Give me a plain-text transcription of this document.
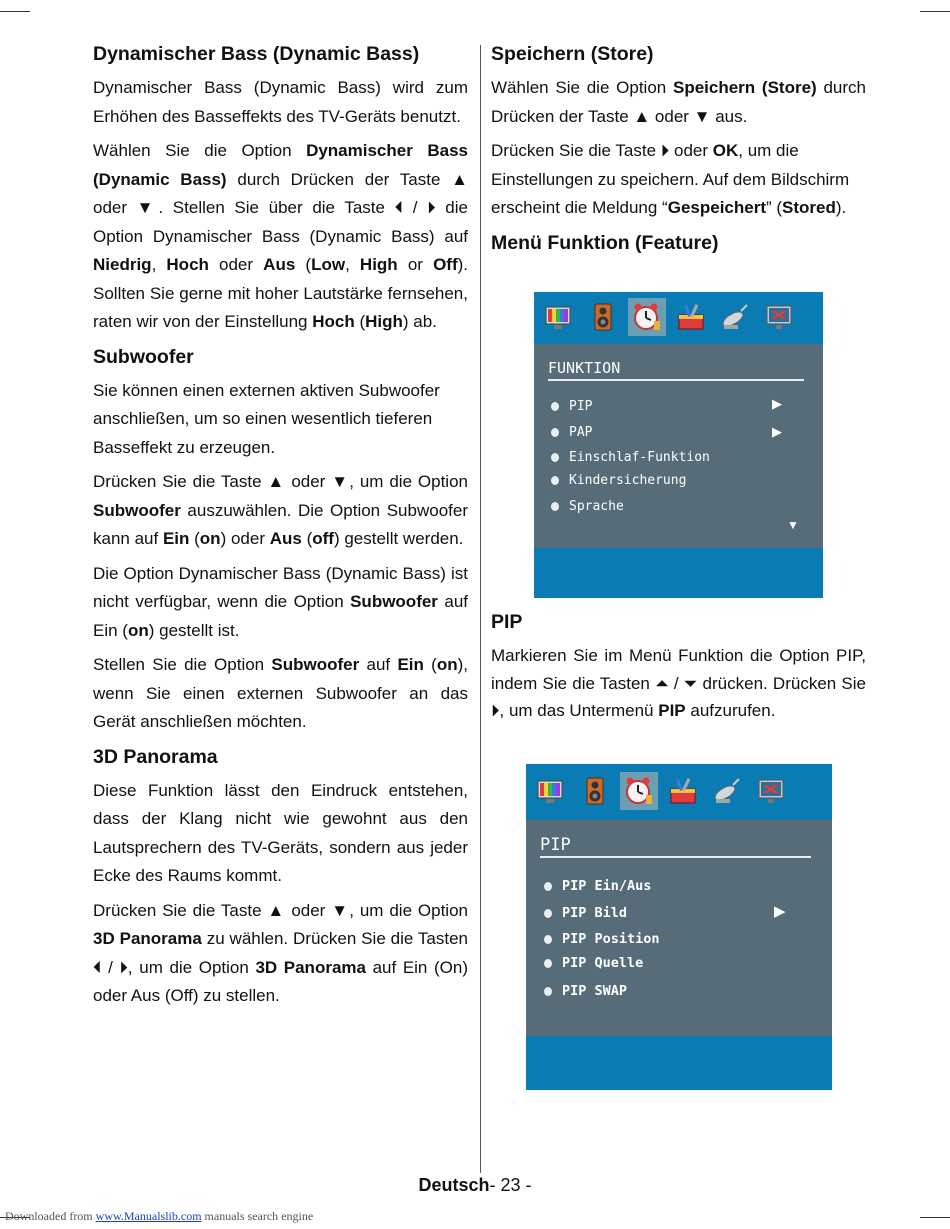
Dynamischer Bass (Dynamic Bass)

Dynamischer Bass (Dynamic Bass) wird zum Erhöhen des Basseffekts des TV-Geräts benutzt.

Wählen Sie die Option Dynamischer Bass (Dynamic Bass) durch Drücken der Taste ▲ oder ▼. Stellen Sie über die Taste ⏴ / ⏵ die Option Dynamischer Bass (Dynamic Bass) auf Niedrig, Hoch oder Aus (Low, High or Off). Sollten Sie gerne mit hoher Lautstärke fernsehen, raten wir von der Einstellung Hoch (High) ab.

Subwoofer

Sie können einen externen aktiven Subwoofer anschließen, um so einen wesentlich tieferen Basseffekt zu erzeugen.

Drücken Sie die Taste ▲ oder ▼, um die Option Subwoofer auszuwählen. Die Option Subwoofer kann auf Ein (on) oder Aus (off) gestellt werden.

Die Option Dynamischer Bass (Dynamic Bass) ist nicht verfügbar, wenn die Option Subwoofer auf Ein (on) gestellt ist.

Stellen Sie die Option Subwoofer auf Ein (on), wenn Sie einen externen Subwoofer an das Gerät anschließen möchten.

3D Panorama

Diese Funktion lässt den Eindruck entstehen, dass der Klang nicht wie gewohnt aus den Lautsprechern des TV-Geräts, sondern aus jeder Ecke des Raums kommt.

Drücken Sie die Taste ▲ oder ▼, um die Option 3D Panorama zu wählen. Drücken Sie die Tasten ⏴ / ⏵, um die Option 3D Panorama auf Ein (On) oder Aus (Off) zu stellen.

Speichern (Store)

Wählen Sie die Option Speichern (Store) durch Drücken der Taste ▲ oder ▼ aus.

Drücken Sie die Taste ⏵ oder OK, um die Einstellungen zu speichern. Auf dem Bildschirm erscheint die Meldung “Gespeichert” (Stored).

Menü Funktion (Feature)
FUNKTION
PIP	▶
PAP	▶
Einschlaf-Funktion
Kindersicherung
Sprache
▼
PIP

Markieren Sie im Menü Funktion die Option PIP, indem Sie die Tasten ⏶ / ⏷ drücken. Drücken Sie ⏵, um das Untermenü PIP aufzurufen.

PIP
PIP Ein/Aus
PIP Bild	▶
PIP Position
PIP Quelle
PIP SWAP
Deutsch- 23 -
Downloaded from www.Manualslib.com manuals search engine
